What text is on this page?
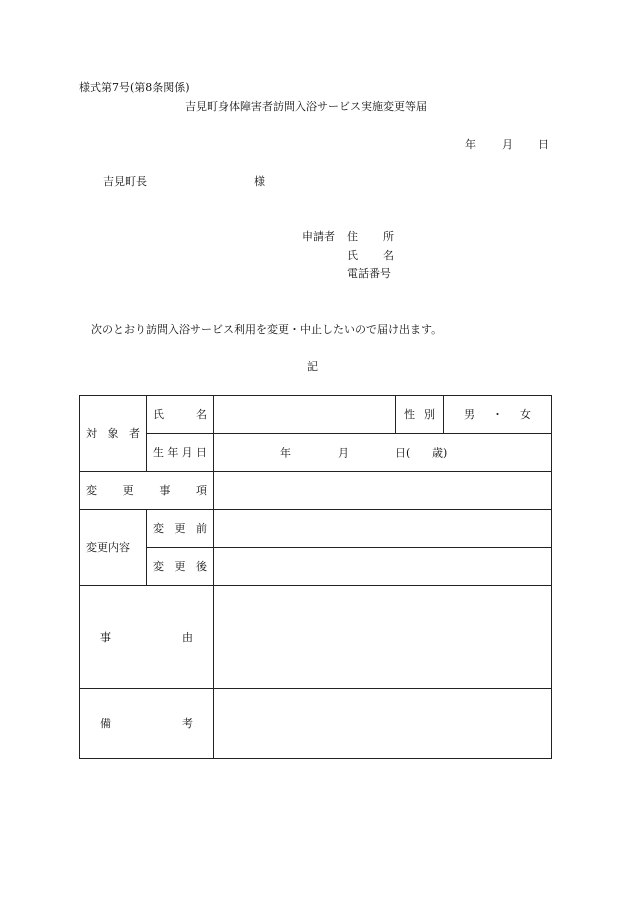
様式第7号(第8条関係)
吉見町身体障害者訪問入浴サービス実施変更等届
年 月 日
吉見町長	様
申請者 住 所
氏 名
電話番号
次のとおり訪問入浴サービス利用を変更・中止したいので届け出ます。
記
対 象 者	氏 名		性 別	男 ・ 女

	生 年 月 日	年 月 日( 歳)		

変 更 事 項				

変更内容	変 更 前			

	変 更 後			

事 由				

備 考				
